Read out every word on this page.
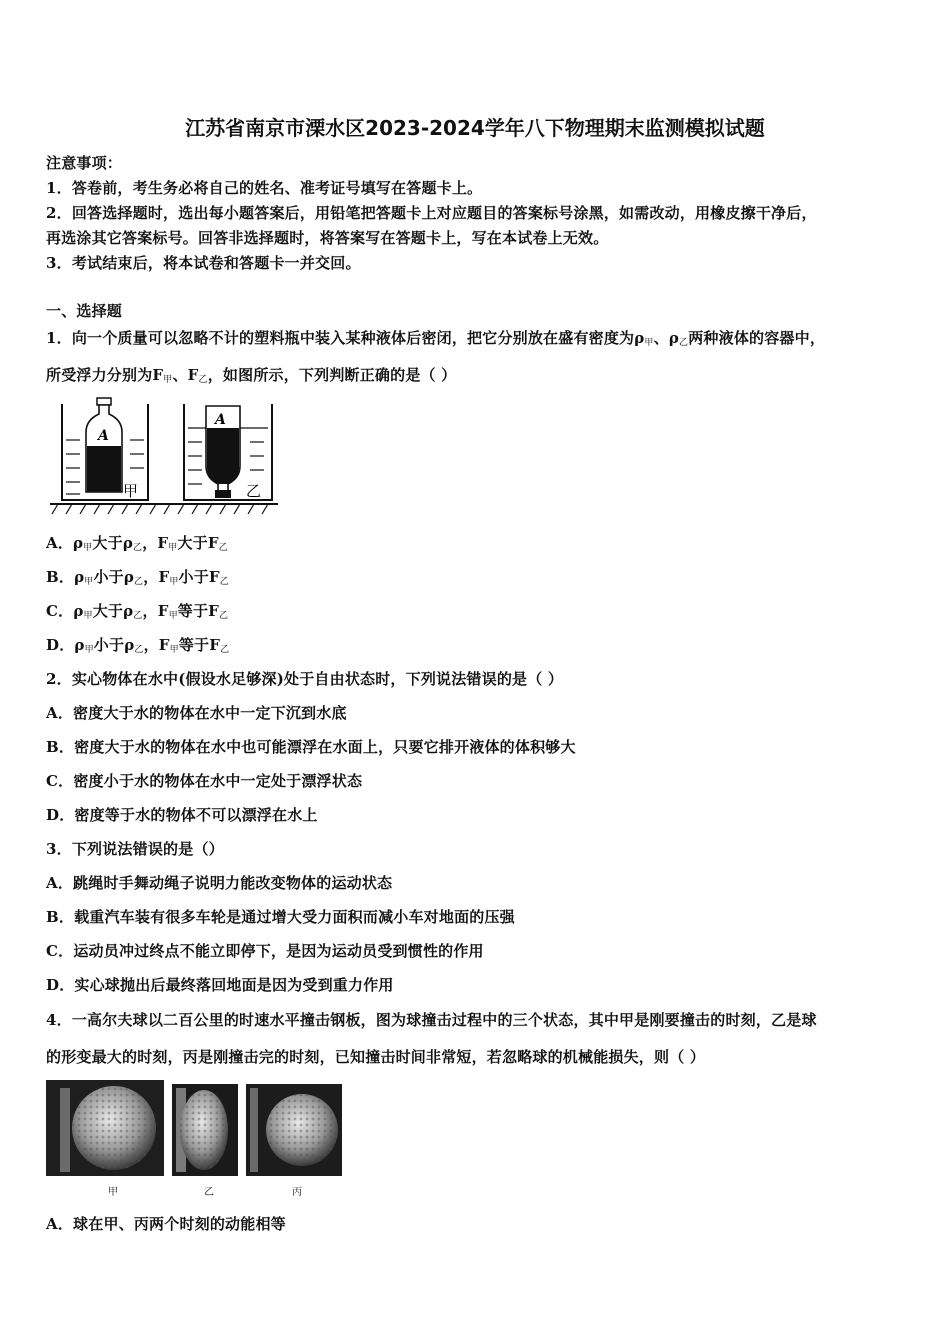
江苏省南京市溧水区2023-2024学年八下物理期末监测模拟试题
注意事项：
1．答卷前，考生务必将自己的姓名、准考证号填写在答题卡上。
2．回答选择题时，选出每小题答案后，用铅笔把答题卡上对应题目的答案标号涂黑，如需改动，用橡皮擦干净后，
再选涂其它答案标号。回答非选择题时，将答案写在答题卡上，写在本试卷上无效。
3．考试结束后，将本试卷和答题卡一并交回。
一、选择题
1．向一个质量可以忽略不计的塑料瓶中装入某种液体后密闭，把它分别放在盛有密度为$\rho_甲$、$\rho_乙$两种液体的容器中，
所受浮力分别为$F_甲$、$F_乙$，如图所示，下列判断正确的是（ ）
A
甲
A
乙
A．$\rho_甲$大于$\rho_乙$，$F_甲$大于$F_乙$
B．$\rho_甲$小于$\rho_乙$，$F_甲$小于$F_乙$
C．$\rho_甲$大于$\rho_乙$，$F_甲$等于$F_乙$
D．$\rho_甲$小于$\rho_乙$，$F_甲$等于$F_乙$
2．实心物体在水中(假设水足够深)处于自由状态时，下列说法错误的是（ ）
A．密度大于水的物体在水中一定下沉到水底
B．密度大于水的物体在水中也可能漂浮在水面上，只要它排开液体的体积够大
C．密度小于水的物体在水中一定处于漂浮状态
D．密度等于水的物体不可以漂浮在水上
3．下列说法错误的是（）
A．跳绳时手舞动绳子说明力能改变物体的运动状态
B．载重汽车装有很多车轮是通过增大受力面积而减小车对地面的压强
C．运动员冲过终点不能立即停下，是因为运动员受到惯性的作用
D．实心球抛出后最终落回地面是因为受到重力作用
4．一高尔夫球以二百公里的时速水平撞击钢板，图为球撞击过程中的三个状态，其中甲是刚要撞击的时刻，乙是球
的形变最大的时刻，丙是刚撞击完的时刻，已知撞击时间非常短，若忽略球的机械能损失，则（ ）
甲	乙	丙
A．球在甲、丙两个时刻的动能相等
